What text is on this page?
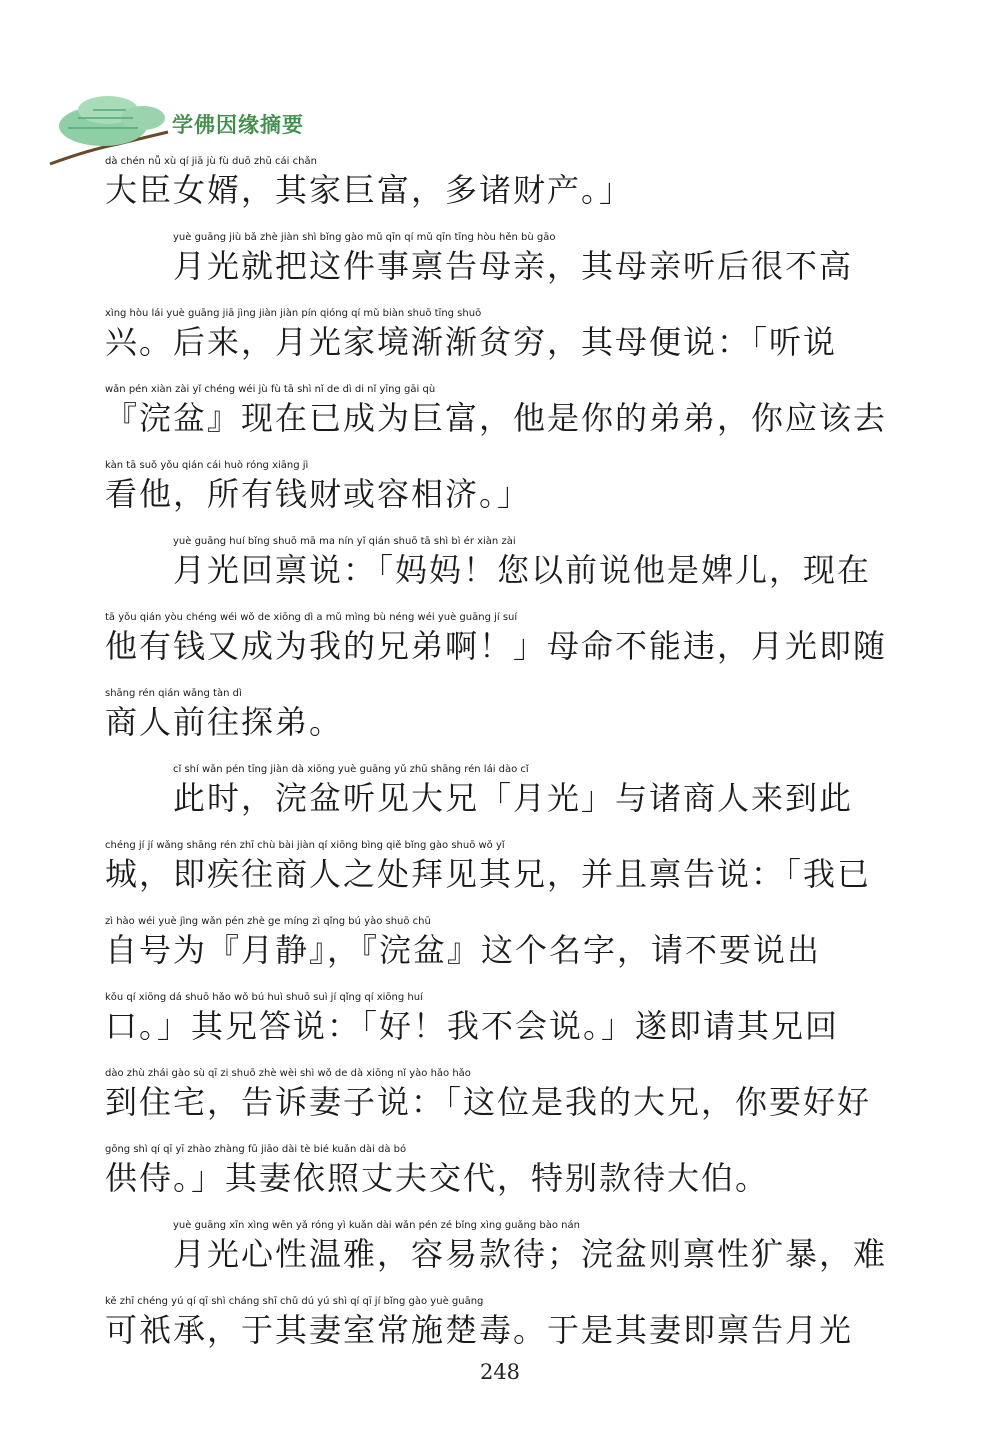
学佛因缘摘要
dà chén nǚ xù qí jiā jù fù duō zhū cái chǎn
大臣女婿，其家巨富，多诸财产。」
yuè guāng jiù bǎ zhè jiàn shì bǐng gào mǔ qīn qí mǔ qīn tīng hòu hěn bù gāo
月光就把这件事禀告母亲，其母亲听后很不高
xìng hòu lái yuè guāng jiā jìng jiàn jiàn pín qióng qí mǔ biàn shuō tīng shuō
兴。后来，月光家境渐渐贫穷，其母便说：「听说
wǎn pén xiàn zài yǐ chéng wéi jù fù tā shì nǐ de dì di nǐ yīng gāi qù
『浣盆』现在已成为巨富，他是你的弟弟，你应该去
kàn tā suǒ yǒu qián cái huò róng xiāng jì
看他，所有钱财或容相济。」
yuè guāng huí bǐng shuō mā ma nín yǐ qián shuō tā shì bì ér xiàn zài
月光回禀说：「妈妈！您以前说他是婢儿，现在
tā yǒu qián yòu chéng wéi wǒ de xiōng dì a mǔ mìng bù néng wéi yuè guāng jí suí
他有钱又成为我的兄弟啊！」母命不能违，月光即随
shāng rén qián wǎng tàn dì
商人前往探弟。
cǐ shí wǎn pén tīng jiàn dà xiōng yuè guāng yǔ zhū shāng rén lái dào cǐ
此时，浣盆听见大兄「月光」与诸商人来到此
chéng jí jí wǎng shāng rén zhī chù bài jiàn qí xiōng bìng qiě bǐng gào shuō wǒ yǐ
城，即疾往商人之处拜见其兄，并且禀告说：「我已
zì hào wéi yuè jìng wǎn pén zhè ge míng zì qǐng bú yào shuō chū
自号为『月静』，『浣盆』这个名字，请不要说出
kǒu qí xiōng dá shuō hǎo wǒ bú huì shuō suì jí qǐng qí xiōng huí
口。」其兄答说：「好！我不会说。」遂即请其兄回
dào zhù zhái gào sù qī zi shuō zhè wèi shì wǒ de dà xiōng nǐ yào hǎo hǎo
到住宅，告诉妻子说：「这位是我的大兄，你要好好
gōng shì qí qī yī zhào zhàng fū jiāo dài tè bié kuǎn dài dà bó
供侍。」其妻依照丈夫交代，特别款待大伯。
yuè guāng xīn xìng wēn yǎ róng yì kuǎn dài wǎn pén zé bǐng xìng guǎng bào nán
月光心性温雅，容易款待；浣盆则禀性犷暴，难
kě zhī chéng yú qí qī shì cháng shī chǔ dú yú shì qí qī jí bǐng gào yuè guāng
可祇承，于其妻室常施楚毒。于是其妻即禀告月光
248
